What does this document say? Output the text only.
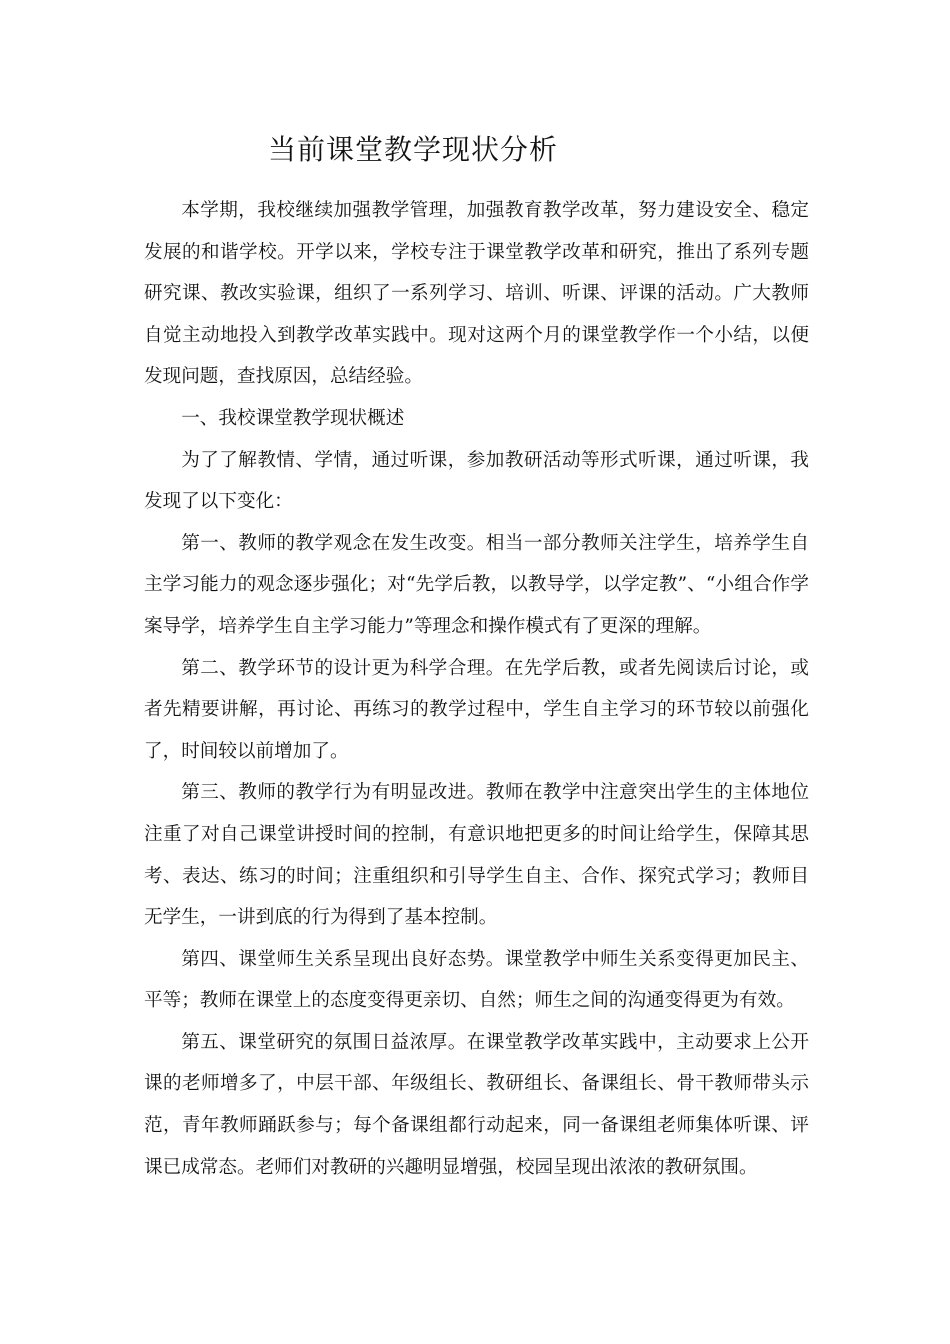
当前课堂教学现状分析

本学期，我校继续加强教学管理，加强教育教学改革，努力建设安全、稳定发展的和谐学校。开学以来，学校专注于课堂教学改革和研究，推出了系列专题研究课、教改实验课，组织了一系列学习、培训、听课、评课的活动。广大教师自觉主动地投入到教学改革实践中。现对这两个月的课堂教学作一个小结，以便发现问题，查找原因，总结经验。

一、我校课堂教学现状概述

为了了解教情、学情，通过听课，参加教研活动等形式听课，通过听课，我发现了以下变化：

第一、教师的教学观念在发生改变。相当一部分教师关注学生，培养学生自主学习能力的观念逐步强化；对“先学后教，以教导学，以学定教”、“小组合作学案导学，培养学生自主学习能力”等理念和操作模式有了更深的理解。

第二、教学环节的设计更为科学合理。在先学后教，或者先阅读后讨论，或者先精要讲解，再讨论、再练习的教学过程中，学生自主学习的环节较以前强化了，时间较以前增加了。

第三、教师的教学行为有明显改进。教师在教学中注意突出学生的主体地位注重了对自己课堂讲授时间的控制，有意识地把更多的时间让给学生，保障其思考、表达、练习的时间；注重组织和引导学生自主、合作、探究式学习；教师目无学生，一讲到底的行为得到了基本控制。

第四、课堂师生关系呈现出良好态势。课堂教学中师生关系变得更加民主、平等；教师在课堂上的态度变得更亲切、自然；师生之间的沟通变得更为有效。

第五、课堂研究的氛围日益浓厚。在课堂教学改革实践中，主动要求上公开课的老师增多了，中层干部、年级组长、教研组长、备课组长、骨干教师带头示范，青年教师踊跃参与；每个备课组都行动起来，同一备课组老师集体听课、评课已成常态。老师们对教研的兴趣明显增强，校园呈现出浓浓的教研氛围。
